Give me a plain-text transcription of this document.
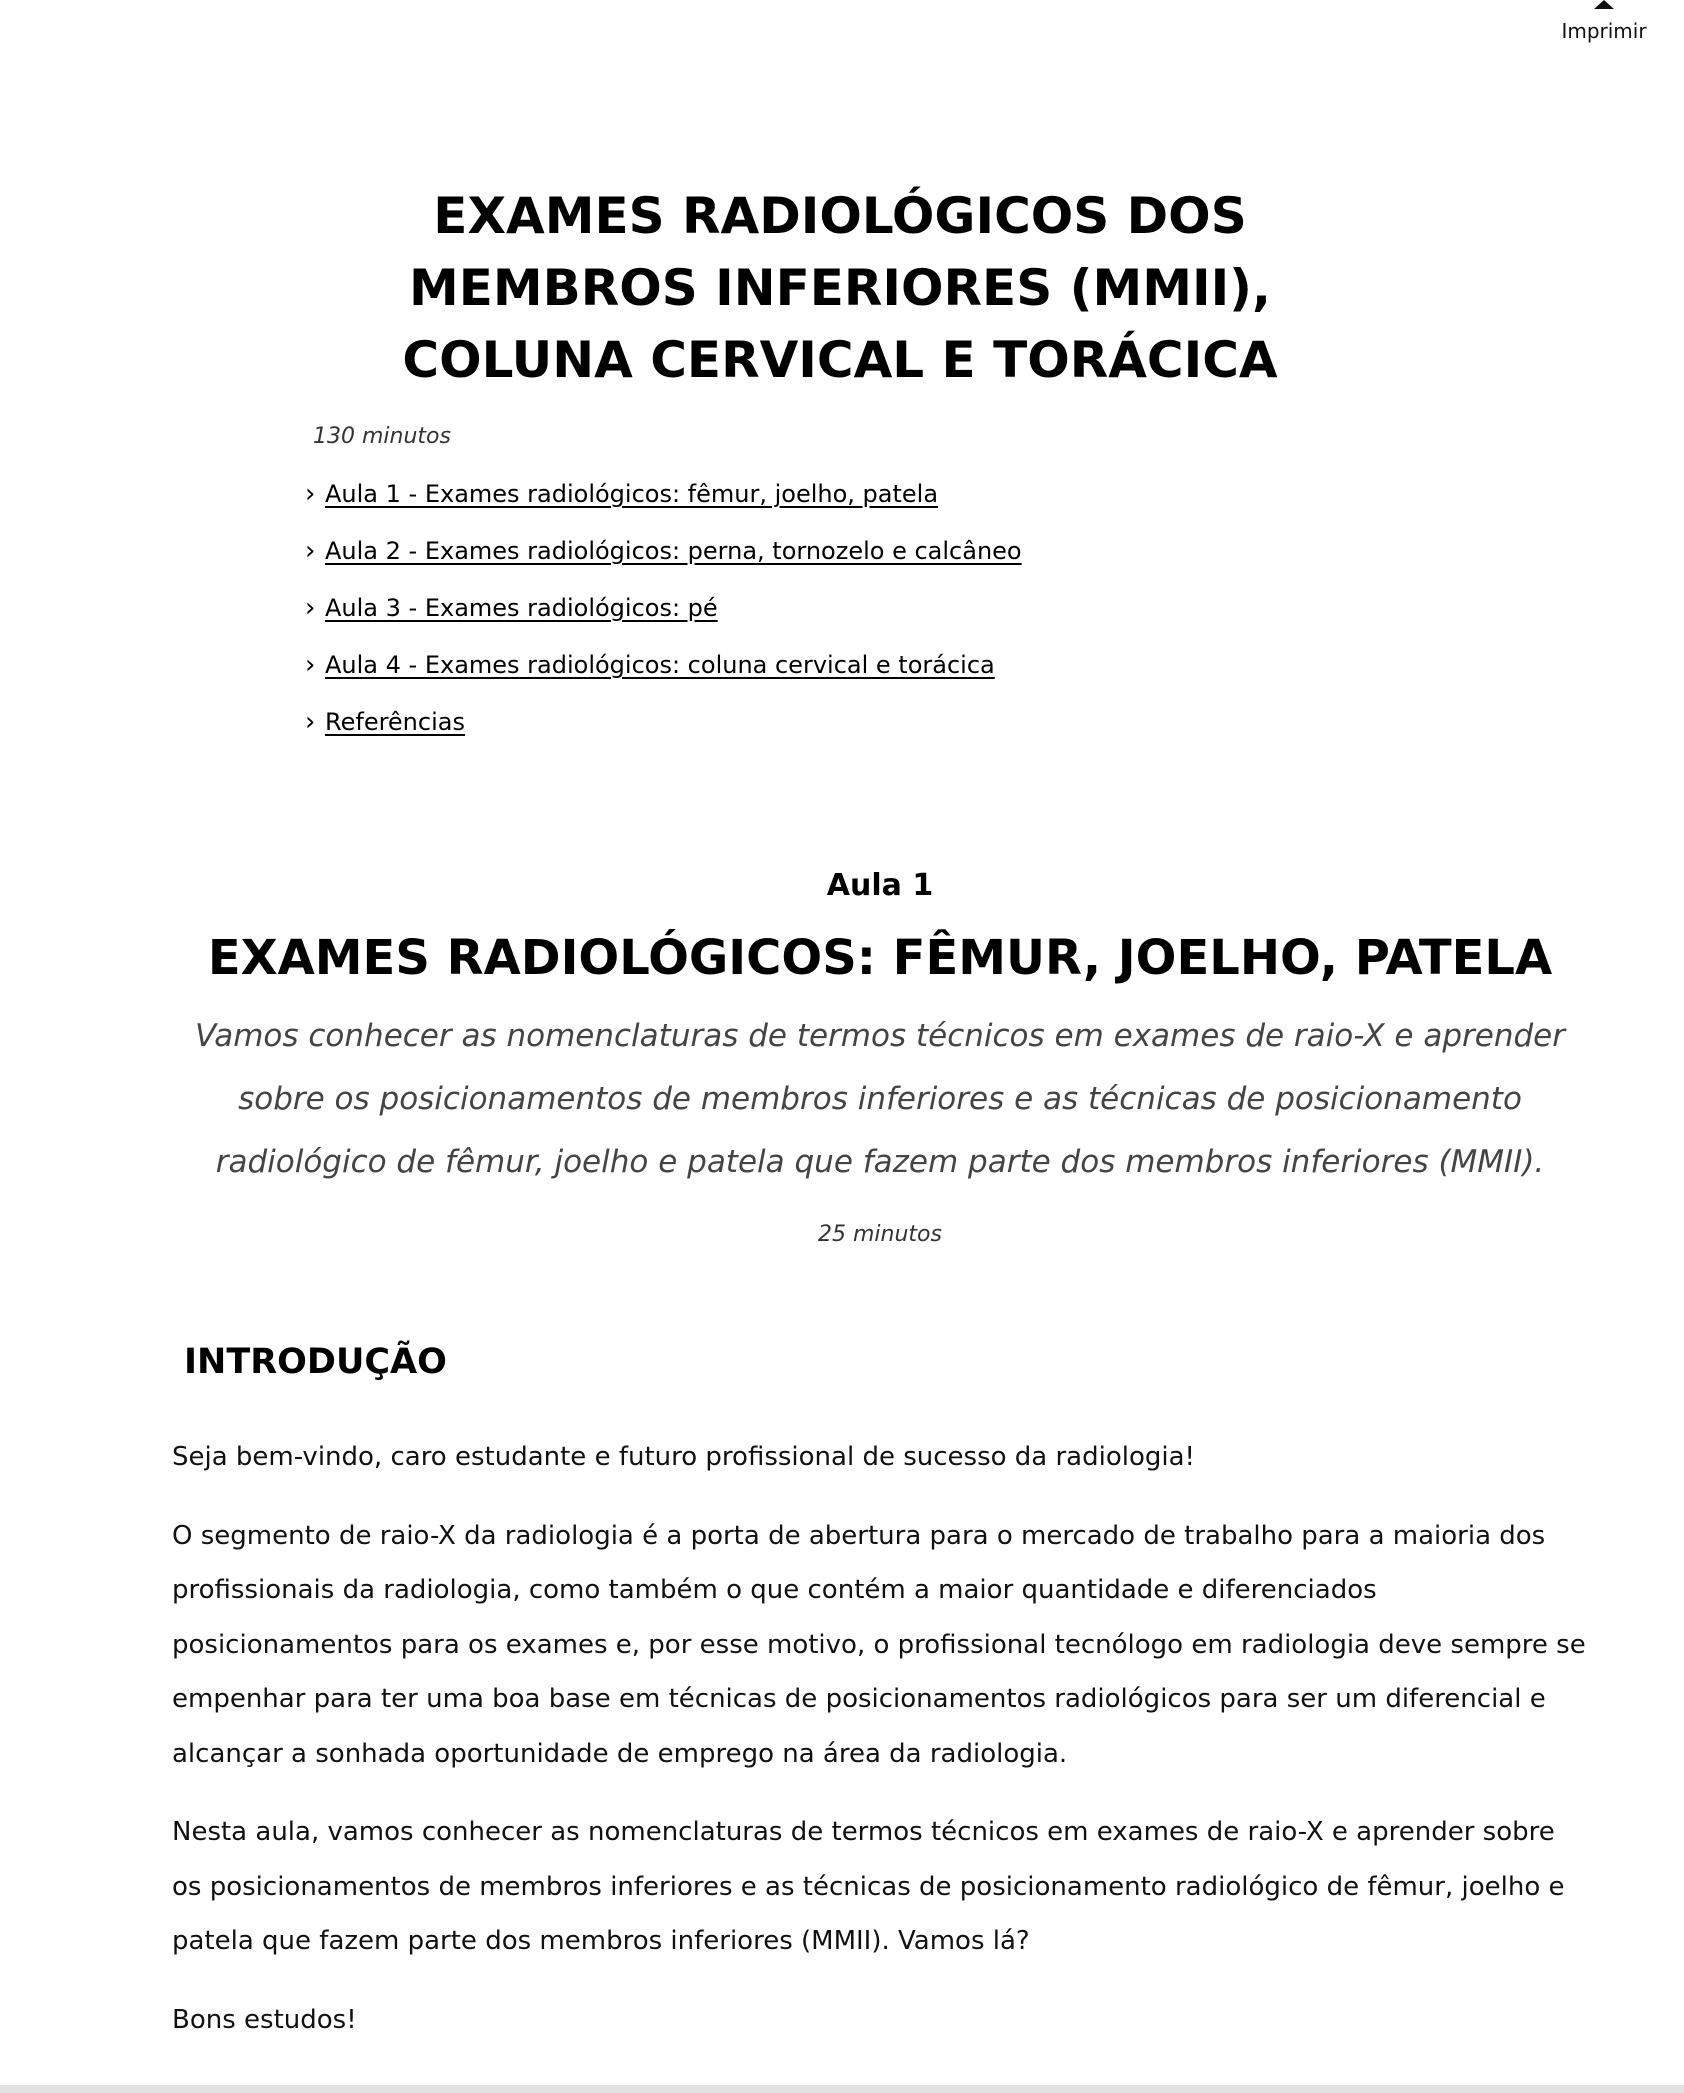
Imprimir
EXAMES RADIOLÓGICOS DOS MEMBROS INFERIORES (MMII), COLUNA CERVICAL E TORÁCICA
130 minutos
› Aula 1 - Exames radiológicos: fêmur, joelho, patela
› Aula 2 - Exames radiológicos: perna, tornozelo e calcâneo
› Aula 3 - Exames radiológicos: pé
› Aula 4 - Exames radiológicos: coluna cervical e torácica
› Referências
Aula 1
EXAMES RADIOLÓGICOS: FÊMUR, JOELHO, PATELA

Vamos conhecer as nomenclaturas de termos técnicos em exames de raio-X e aprender sobre os posicionamentos de membros inferiores e as técnicas de posicionamento radiológico de fêmur, joelho e patela que fazem parte dos membros inferiores (MMII).

25 minutos
INTRODUÇÃO

Seja bem-vindo, caro estudante e futuro profissional de sucesso da radiologia!

O segmento de raio-X da radiologia é a porta de abertura para o mercado de trabalho para a maioria dos profissionais da radiologia, como também o que contém a maior quantidade e diferenciados posicionamentos para os exames e, por esse motivo, o profissional tecnólogo em radiologia deve sempre se empenhar para ter uma boa base em técnicas de posicionamentos radiológicos para ser um diferencial e alcançar a sonhada oportunidade de emprego na área da radiologia.

Nesta aula, vamos conhecer as nomenclaturas de termos técnicos em exames de raio-X e aprender sobre os posicionamentos de membros inferiores e as técnicas de posicionamento radiológico de fêmur, joelho e patela que fazem parte dos membros inferiores (MMII). Vamos lá?

Bons estudos!
